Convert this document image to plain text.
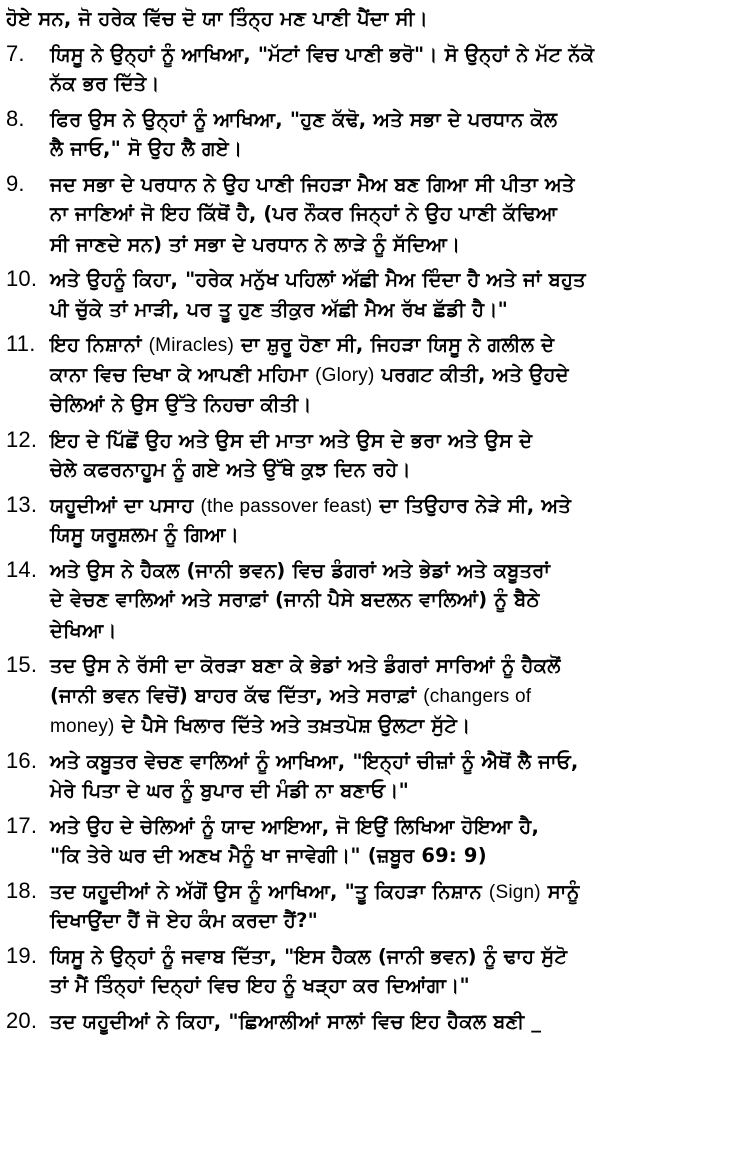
ਹੋਏ ਸਨ, ਜੋ ਹਰੇਕ ਵਿੱਚ ਦੋ ਯਾ ਤਿੰਨ੍ਹ ਮਣ ਪਾਣੀ ਪੈਂਦਾ ਸੀ।
7. ਯਿਸੂ ਨੇ ਉਨ੍ਹਾਂ ਨੂੰ ਆਖਿਆ, "ਮੱਟਾਂ ਵਿਚ ਪਾਣੀ ਭਰੋ"। ਸੋ ਉਨ੍ਹਾਂ ਨੇ ਮੱਟ ਨੱਕੋ
ਨੱਕ ਭਰ ਦਿੱਤੇ।
8. ਫਿਰ ਉਸ ਨੇ ਉਨ੍ਹਾਂ ਨੂੰ ਆਖਿਆ, "ਹੁਣ ਕੱਢੋ, ਅਤੇ ਸਭਾ ਦੇ ਪਰਧਾਨ ਕੋਲ
ਲੈ ਜਾਓ," ਸੋ ਉਹ ਲੈ ਗਏ।
9. ਜਦ ਸਭਾ ਦੇ ਪਰਧਾਨ ਨੇ ਉਹ ਪਾਣੀ ਜਿਹੜਾ ਮੈਅ ਬਣ ਗਿਆ ਸੀ ਪੀਤਾ ਅਤੇ
ਨਾ ਜਾਣਿਆਂ ਜੋ ਇਹ ਕਿੱਥੋਂ ਹੈ, (ਪਰ ਨੌਕਰ ਜਿਨ੍ਹਾਂ ਨੇ ਉਹ ਪਾਣੀ ਕੱਢਿਆ
ਸੀ ਜਾਣਦੇ ਸਨ) ਤਾਂ ਸਭਾ ਦੇ ਪਰਧਾਨ ਨੇ ਲਾੜੇ ਨੂੰ ਸੱਦਿਆ।
10. ਅਤੇ ਉਹਨੂੰ ਕਿਹਾ, "ਹਰੇਕ ਮਨੁੱਖ ਪਹਿਲਾਂ ਅੱਛੀ ਮੈਅ ਦਿੰਦਾ ਹੈ ਅਤੇ ਜਾਂ ਬਹੁਤ
ਪੀ ਚੁੱਕੇ ਤਾਂ ਮਾੜੀ, ਪਰ ਤੂ ਹੁਣ ਤੀਕੁਰ ਅੱਛੀ ਮੈਅ ਰੱਖ ਛੱਡੀ ਹੈ।"
11. ਇਹ ਨਿਸ਼ਾਨਾਂ (Miracles) ਦਾ ਸ਼ੁਰੂ ਹੋਣਾ ਸੀ, ਜਿਹੜਾ ਯਿਸੂ ਨੇ ਗਲੀਲ ਦੇ
ਕਾਨਾ ਵਿਚ ਦਿਖਾ ਕੇ ਆਪਣੀ ਮਹਿਮਾ (Glory) ਪਰਗਟ ਕੀਤੀ, ਅਤੇ ਉਹਦੇ
ਚੇਲਿਆਂ ਨੇ ਉਸ ਉੱਤੇ ਨਿਹਚਾ ਕੀਤੀ।
12. ਇਹ ਦੇ ਪਿੱਛੋਂ ਉਹ ਅਤੇ ਉਸ ਦੀ ਮਾਤਾ ਅਤੇ ਉਸ ਦੇ ਭਰਾ ਅਤੇ ਉਸ ਦੇ
ਚੇਲੇ ਕਫਰਨਾਹੂਮ ਨੂੰ ਗਏ ਅਤੇ ਉੱਥੇ ਕੁਝ ਦਿਨ ਰਹੇ।
13. ਯਹੂਦੀਆਂ ਦਾ ਪਸਾਹ (the passover feast) ਦਾ ਤਿਉਹਾਰ ਨੇੜੇ ਸੀ, ਅਤੇ
ਯਿਸੂ ਯਰੂਸ਼ਲਮ ਨੂੰ ਗਿਆ।
14. ਅਤੇ ਉਸ ਨੇ ਹੈਕਲ (ਜਾਨੀ ਭਵਨ) ਵਿਚ ਡੰਗਰਾਂ ਅਤੇ ਭੇਡਾਂ ਅਤੇ ਕਬੂਤਰਾਂ
ਦੇ ਵੇਚਣ ਵਾਲਿਆਂ ਅਤੇ ਸਰਾਫ਼ਾਂ (ਜਾਨੀ ਪੈਸੇ ਬਦਲਨ ਵਾਲਿਆਂ) ਨੂੰ ਬੈਠੇ
ਦੇਖਿਆ।
15. ਤਦ ਉਸ ਨੇ ਰੱਸੀ ਦਾ ਕੋਰੜਾ ਬਣਾ ਕੇ ਭੇਡਾਂ ਅਤੇ ਡੰਗਰਾਂ ਸਾਰਿਆਂ ਨੂੰ ਹੈਕਲੋਂ
(ਜਾਨੀ ਭਵਨ ਵਿਚੋਂ) ਬਾਹਰ ਕੱਢ ਦਿੱਤਾ, ਅਤੇ ਸਰਾਫ਼ਾਂ (changers of
money) ਦੇ ਪੈਸੇ ਖਿਲਾਰ ਦਿੱਤੇ ਅਤੇ ਤਖ਼ਤਪੋਸ਼ ਉਲਟਾ ਸੁੱਟੇ।
16. ਅਤੇ ਕਬੂਤਰ ਵੇਚਣ ਵਾਲਿਆਂ ਨੂੰ ਆਖਿਆ, "ਇਨ੍ਹਾਂ ਚੀਜ਼ਾਂ ਨੂੰ ਐਥੋਂ ਲੈ ਜਾਓ,
ਮੇਰੇ ਪਿਤਾ ਦੇ ਘਰ ਨੂੰ ਬੁਪਾਰ ਦੀ ਮੰਡੀ ਨਾ ਬਣਾਓ।"
17. ਅਤੇ ਉਹ ਦੇ ਚੇਲਿਆਂ ਨੂੰ ਯਾਦ ਆਇਆ, ਜੋ ਇਉਂ ਲਿਖਿਆ ਹੋਇਆ ਹੈ,
"ਕਿ ਤੇਰੇ ਘਰ ਦੀ ਅਣਖ ਮੈਨੂੰ ਖਾ ਜਾਵੇਗੀ।" (ਜ਼ਬੂਰ 69: 9)
18. ਤਦ ਯਹੂਦੀਆਂ ਨੇ ਅੱਗੋਂ ਉਸ ਨੂੰ ਆਖਿਆ, "ਤੂ ਕਿਹੜਾ ਨਿਸ਼ਾਨ (Sign) ਸਾਨੂੰ
ਦਿਖਾਉਂਦਾ ਹੈਂ ਜੋ ਏਹ ਕੰਮ ਕਰਦਾ ਹੈਂ?"
19. ਯਿਸੂ ਨੇ ਉਨ੍ਹਾਂ ਨੂੰ ਜਵਾਬ ਦਿੱਤਾ, "ਇਸ ਹੈਕਲ (ਜਾਨੀ ਭਵਨ) ਨੂੰ ਢਾਹ ਸੁੱਟੋ
ਤਾਂ ਮੈਂ ਤਿੰਨ੍ਹਾਂ ਦਿਨ੍ਹਾਂ ਵਿਚ ਇਹ ਨੂੰ ਖੜ੍ਹਾ ਕਰ ਦਿਆਂਗਾ।"
20. ਤਦ ਯਹੂਦੀਆਂ ਨੇ ਕਿਹਾ, "ਛਿਆਲੀਆਂ ਸਾਲਾਂ ਵਿਚ ਇਹ ਹੈਕਲ ਬਣੀ _
